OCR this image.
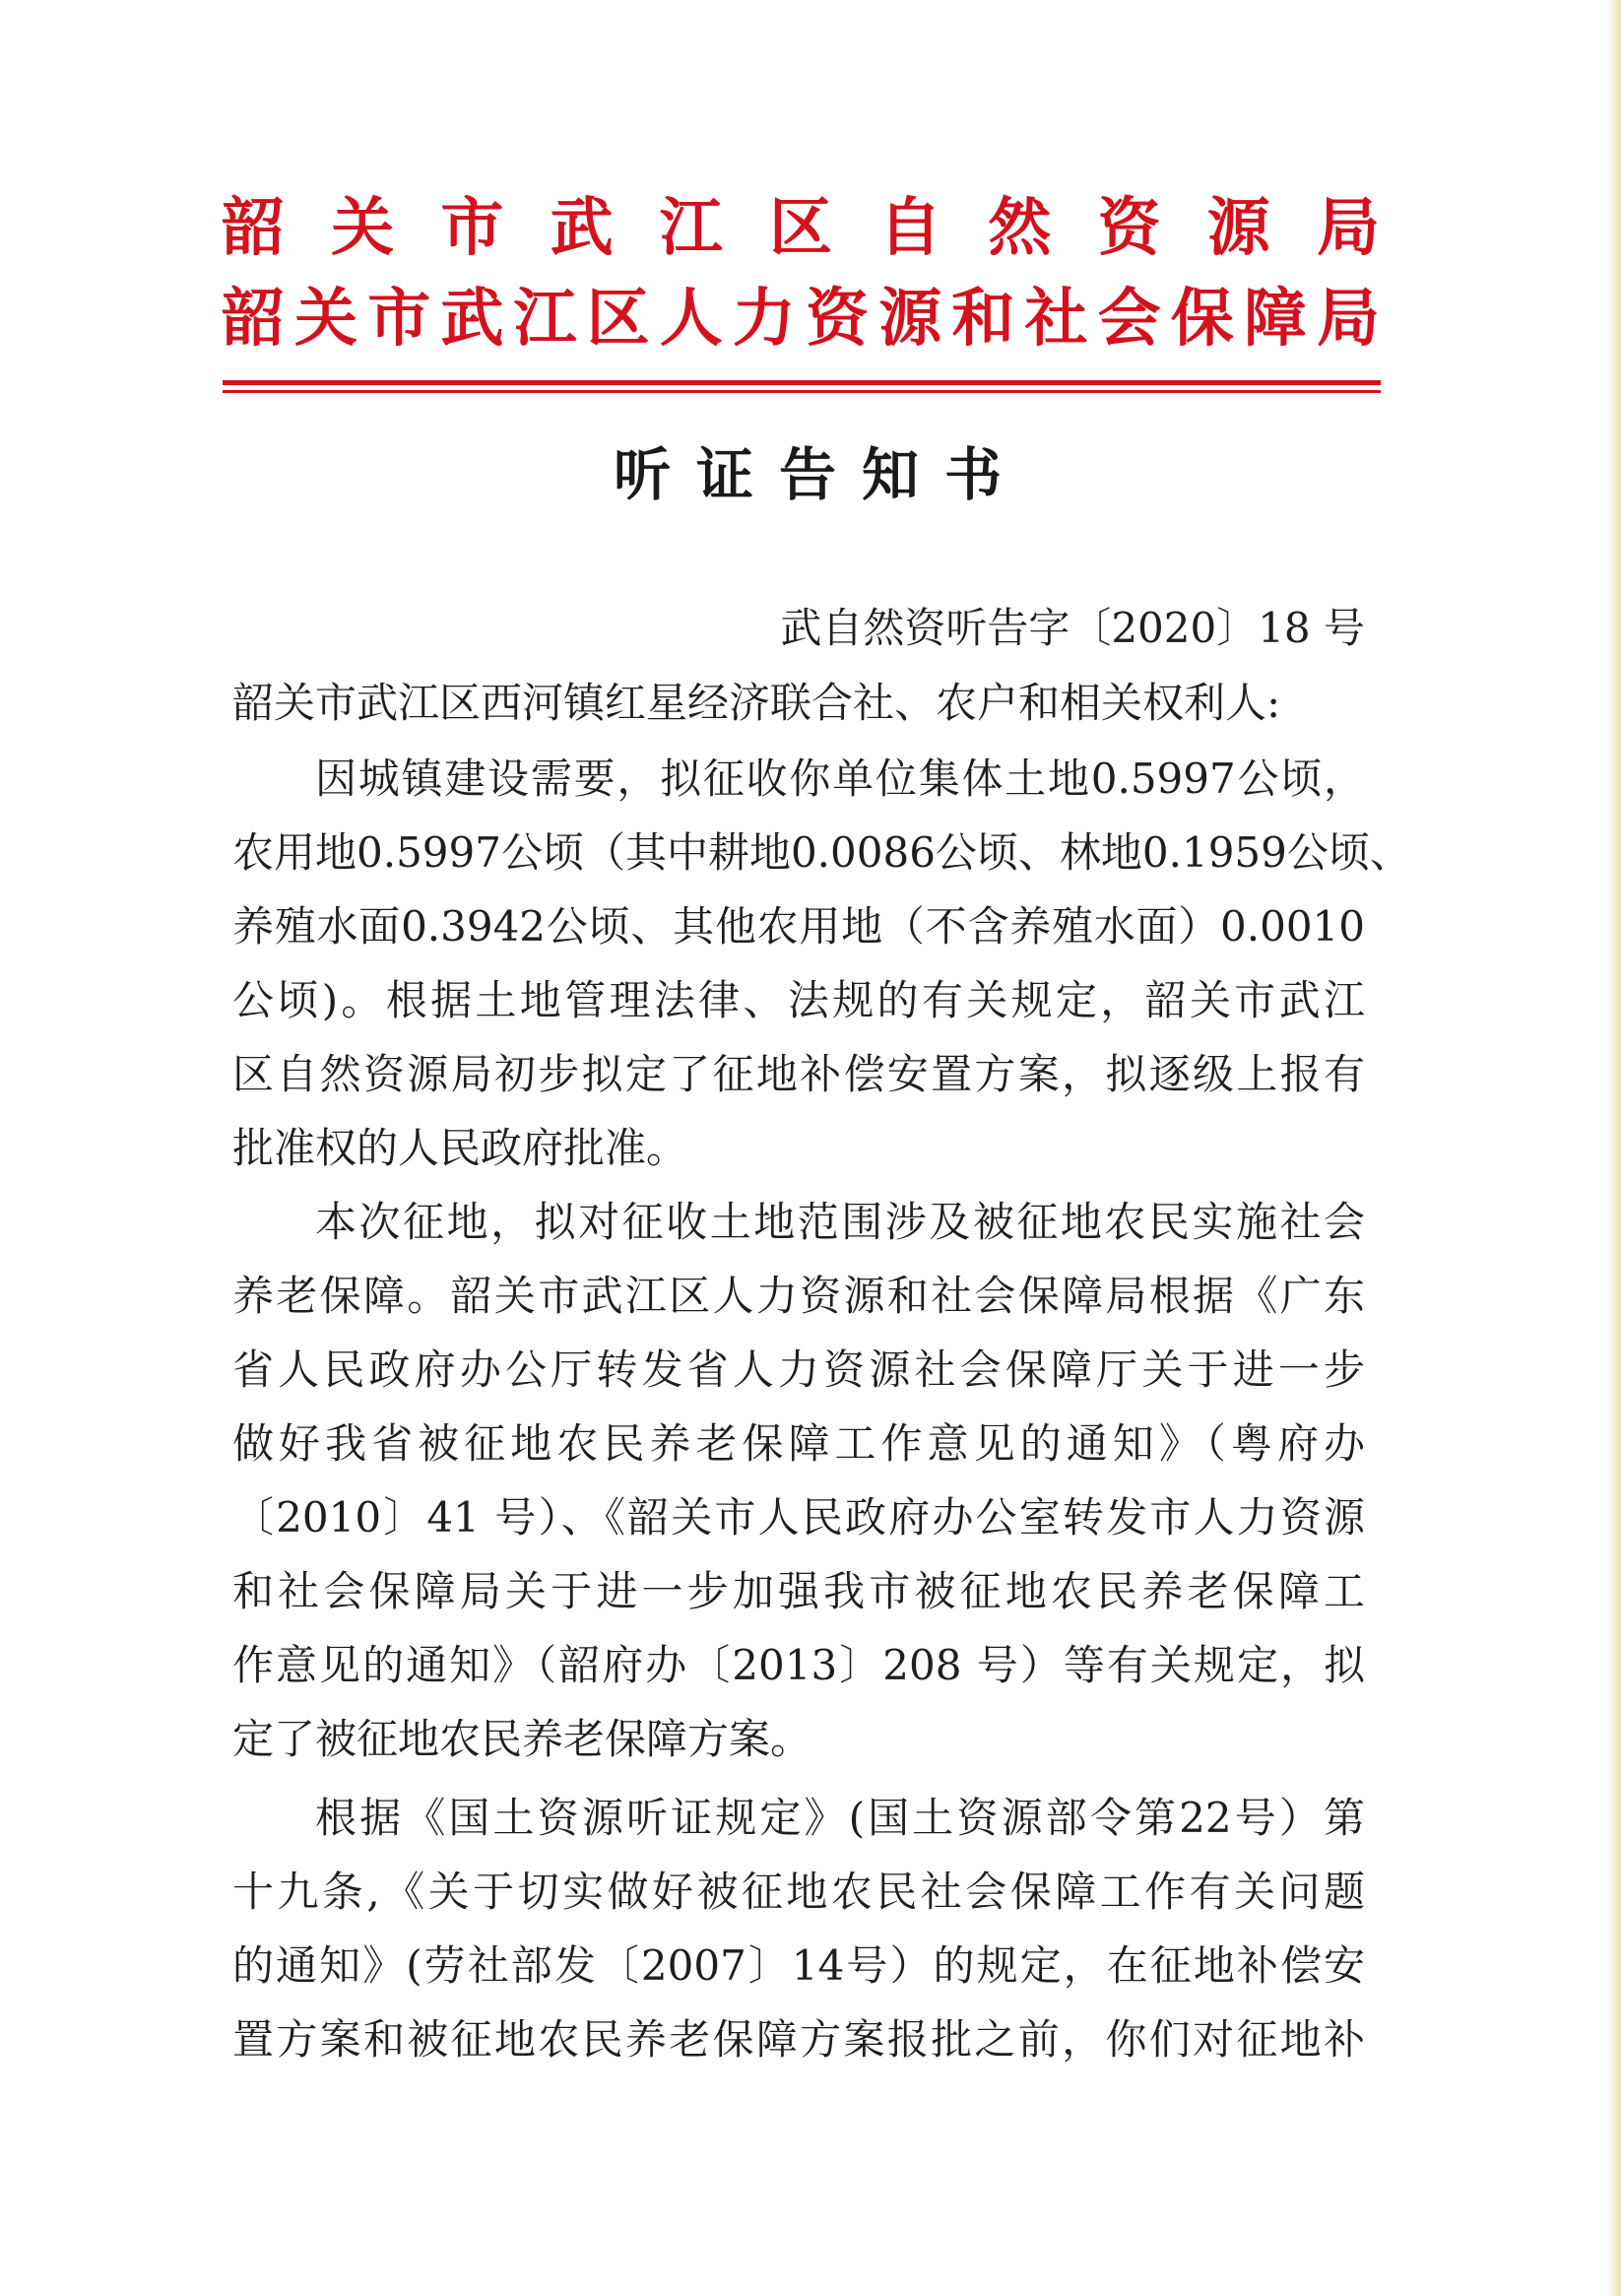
韶关市武江区自然资源局
韶关市武江区人力资源和社会保障局
听证告知书
武自然资听告字〔2020〕18 号
韶关市武江区西河镇红星经济联合社、农户和相关权利人:
因城镇建设需要，拟征收你单位集体土地0.5997公顷，
农用地0.5997公顷（其中耕地0.0086公顷、林地0.1959公顷、
养殖水面0.3942公顷、其他农用地（不含养殖水面）0.0010
公顷)。根据土地管理法律、法规的有关规定，韶关市武江
区自然资源局初步拟定了征地补偿安置方案，拟逐级上报有
批准权的人民政府批准。
本次征地，拟对征收土地范围涉及被征地农民实施社会
养老保障。韶关市武江区人力资源和社会保障局根据《广东
省人民政府办公厅转发省人力资源社会保障厅关于进一步
做好我省被征地农民养老保障工作意见的通知》（粤府办
〔2010〕41 号）、《韶关市人民政府办公室转发市人力资源
和社会保障局关于进一步加强我市被征地农民养老保障工
作意见的通知》（韶府办〔2013〕208 号）等有关规定，拟
定了被征地农民养老保障方案。
根据《国土资源听证规定》(国土资源部令第22号）第
十九条,《关于切实做好被征地农民社会保障工作有关问题
的通知》(劳社部发〔2007〕14号）的规定，在征地补偿安
置方案和被征地农民养老保障方案报批之前，你们对征地补
